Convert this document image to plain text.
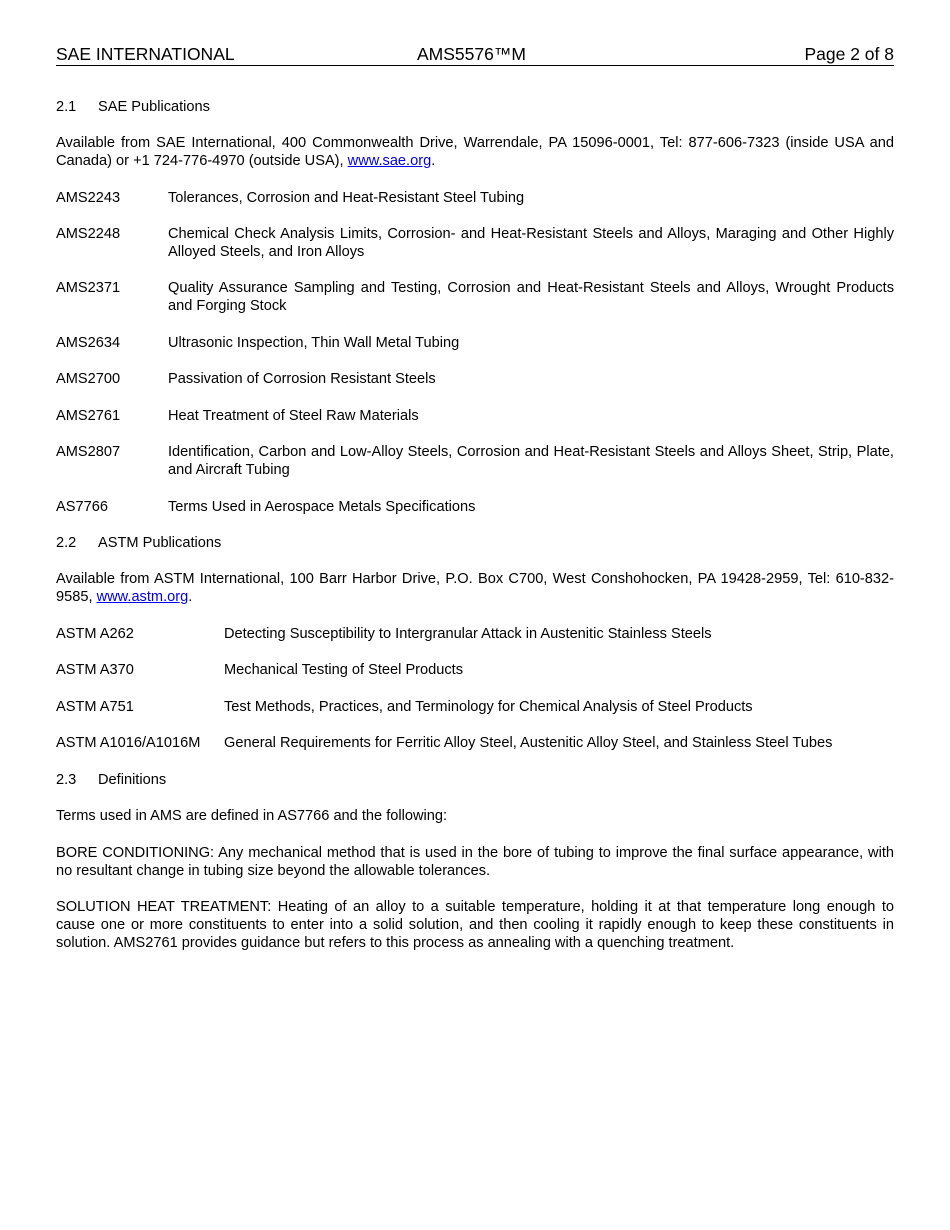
SAE INTERNATIONAL	AMS5576™M	Page 2 of 8
2.1 SAE Publications
Available from SAE International, 400 Commonwealth Drive, Warrendale, PA 15096-0001, Tel: 877-606-7323 (inside USA and Canada) or +1 724-776-4970 (outside USA), www.sae.org.
AMS2243	Tolerances, Corrosion and Heat-Resistant Steel Tubing
AMS2248	Chemical Check Analysis Limits, Corrosion- and Heat-Resistant Steels and Alloys, Maraging and Other Highly Alloyed Steels, and Iron Alloys
AMS2371	Quality Assurance Sampling and Testing, Corrosion and Heat-Resistant Steels and Alloys, Wrought Products and Forging Stock
AMS2634	Ultrasonic Inspection, Thin Wall Metal Tubing
AMS2700	Passivation of Corrosion Resistant Steels
AMS2761	Heat Treatment of Steel Raw Materials
AMS2807	Identification, Carbon and Low-Alloy Steels, Corrosion and Heat-Resistant Steels and Alloys Sheet, Strip, Plate, and Aircraft Tubing
AS7766	Terms Used in Aerospace Metals Specifications
2.2 ASTM Publications
Available from ASTM International, 100 Barr Harbor Drive, P.O. Box C700, West Conshohocken, PA 19428-2959, Tel: 610-832-9585, www.astm.org.
ASTM A262	Detecting Susceptibility to Intergranular Attack in Austenitic Stainless Steels
ASTM A370	Mechanical Testing of Steel Products
ASTM A751	Test Methods, Practices, and Terminology for Chemical Analysis of Steel Products
ASTM A1016/A1016M General Requirements for Ferritic Alloy Steel, Austenitic Alloy Steel, and Stainless Steel Tubes
2.3 Definitions
Terms used in AMS are defined in AS7766 and the following:
BORE CONDITIONING: Any mechanical method that is used in the bore of tubing to improve the final surface appearance, with no resultant change in tubing size beyond the allowable tolerances.
SOLUTION HEAT TREATMENT: Heating of an alloy to a suitable temperature, holding it at that temperature long enough to cause one or more constituents to enter into a solid solution, and then cooling it rapidly enough to keep these constituents in solution. AMS2761 provides guidance but refers to this process as annealing with a quenching treatment.
